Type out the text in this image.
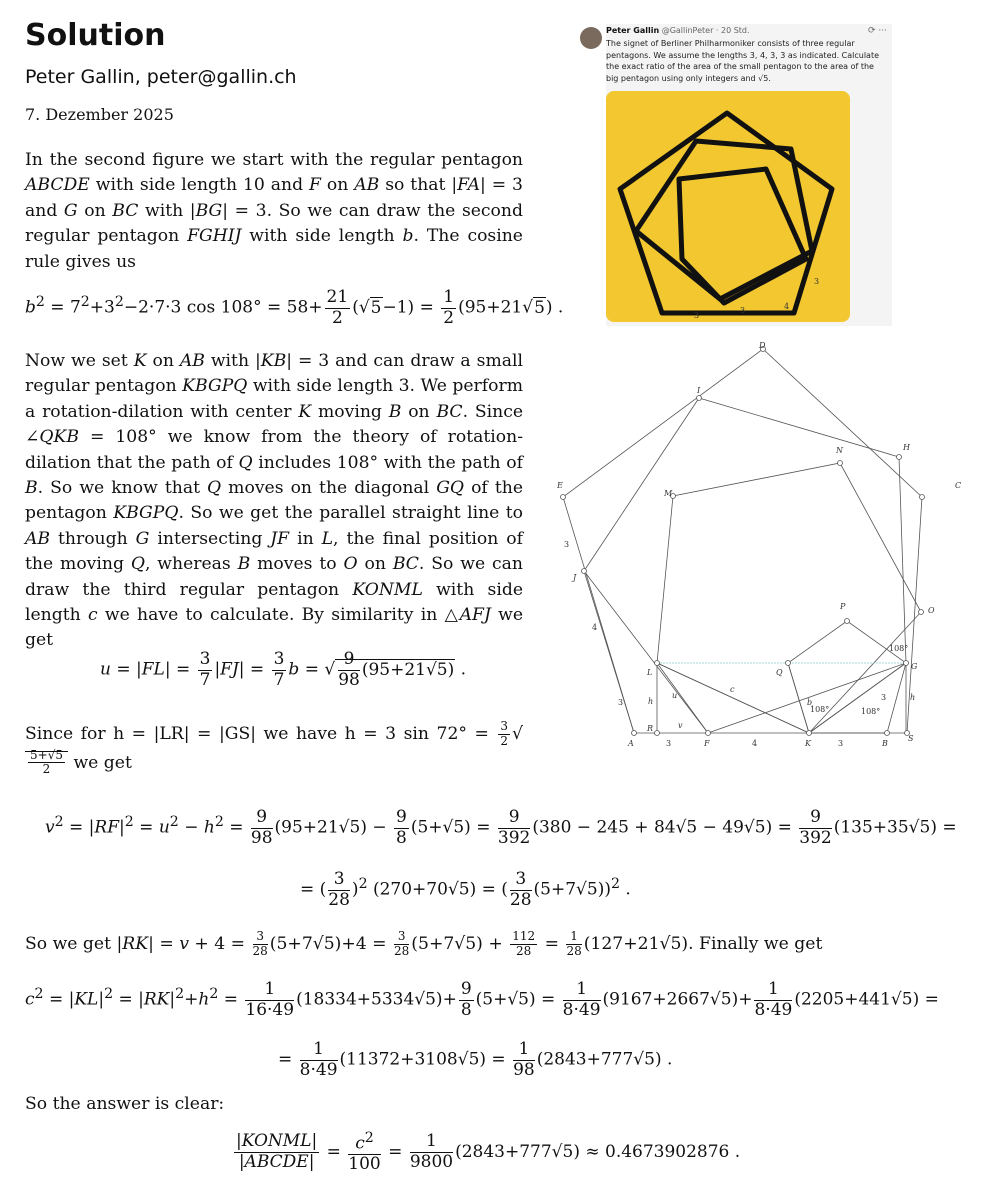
Solution
Peter Gallin, peter@gallin.ch
7. Dezember 2025
In the second figure we start with the regular pentagon ABCDE with side length 10 and F on AB so that |FA| = 3 and G on BC with |BG| = 3. So we can draw the second regular pentagon FGHIJ with side length b. The cosine rule gives us
$b^2 = 7^2+3^2-2\cdot 7\cdot 3$ $\cos 108^\circ = 58+ \frac{21}{2} (√5-1) = \frac{1}{2} (95+21√5)$ .
Now we set K on AB with |KB| = 3 and can draw a small regular pentagon KBGPQ with side length 3. We perform a rotation-dilation with center K moving B on BC. Since ∠QKB = 108° we know from the theory of rotation-dilation that the path of Q includes 108° with the path of B. So we know that Q moves on the diagonal GQ of the pentagon KBGPQ. So we get the parallel straight line to AB through G intersecting JF in L, the final position of the moving Q, whereas B moves to O on BC. So we can draw the third regular pentagon KONML with side length c we have to calculate. By similarity in △AFJ we get
$u = |FL| = \frac{3}{7} |FJ| = \frac{3}{7}$ b = √ $\frac{9}{98} (95+21√5)$ .
Since for h = |LR| = |GS| we have h = 3 $\sin 72^\circ = \frac{3}{2}$ √
$\frac{5+√5}{2}$ we get
$v^2 = |RF|^2 = u^2 - h^2 = \frac{9}{98} (95+21√5) - \frac{9}{8} (5+√5) = \frac{9}{392} (380 - 245 + 84√5 - 49√5) = \frac{9}{392} (135+35√5)$ =
= ( $\frac{3}{28} )^2$ (270+70√5) = ( $\frac{3}{28} (5+7√5))^2$ .
So we get $|RK| = v + 4 = \frac{3}{28} (5+7√5)+4 = \frac{3}{28} (5+7√5) + \frac{112}{28} = \frac{1}{28} (127+21√5)$. Finally we get
$c^2 = |KL|^2 = |RK|^2+h^2 = \frac{1}{16\cdot 49} (18334+5334√5)+ \frac{9}{8} (5+√5) = \frac{1}{8\cdot 49} (9167+2667√5)+ \frac{1}{8\cdot 49} (2205+441√5)$ =
= $\frac{1}{8\cdot 49} (11372+3108√5) = \frac{1}{98} (2843+777√5)$ .
So the answer is clear:
$\frac{\text{|KONML|}}{\text{|ABCDE|}} = \frac{c^2}{100} = \frac{1}{9800} (2843+777√5) \approx 0.4673902876$ .
Peter Gallin @GallinPeter · 20 Std.	⟳ ···
The signet of Berliner Philharmoniker consists of three regular pentagons. We assume the lengths 3, 4, 3, 3 as indicated. Calculate the exact ratio of the area of the small pentagon to the area of the big pentagon using only integers and √5.
3
4
3
3
D
I
H
N
E	C
M
J
O
P
L	Q
G
R
A	F	K	B
S
3	4	3
3
4
3
3
h	h
u
c
b
v
108°	108°
108°
